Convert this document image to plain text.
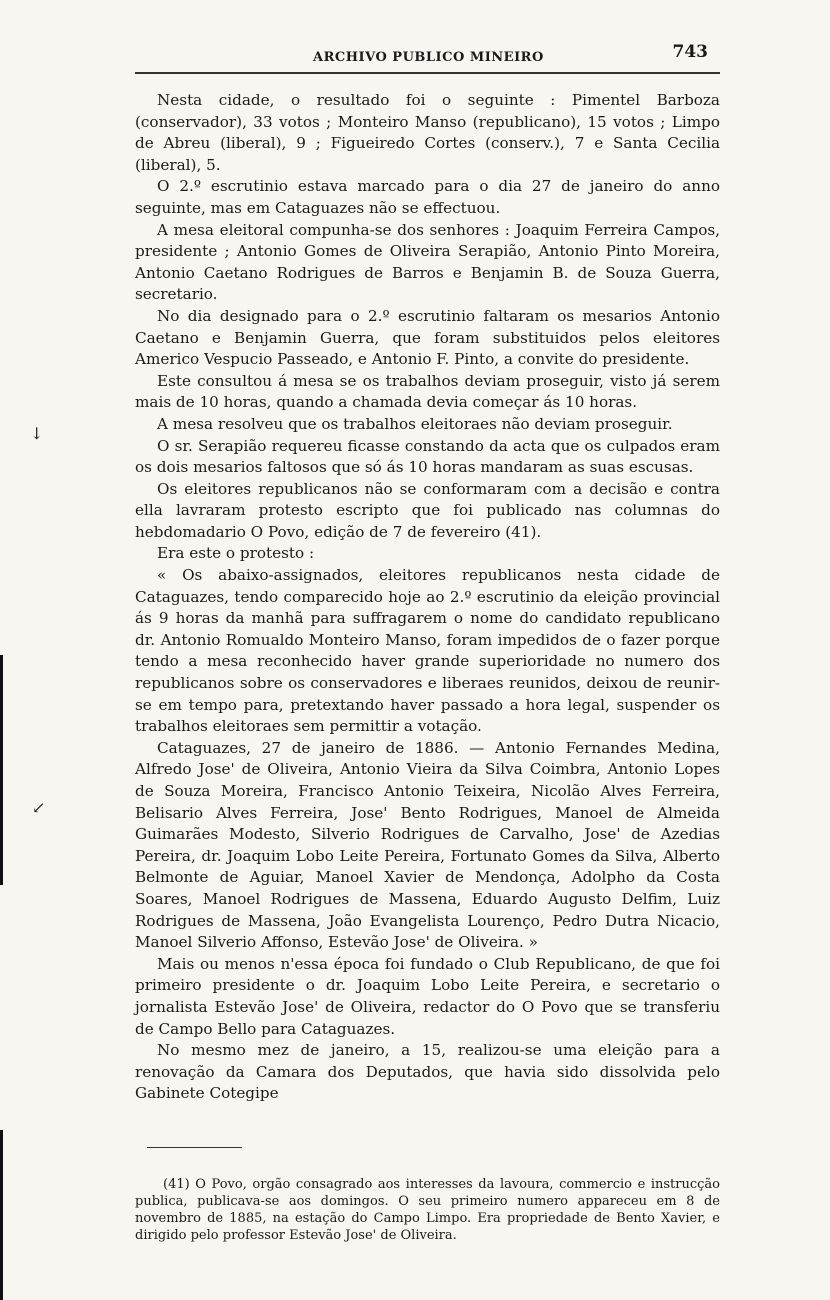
↓
↙
ARCHIVO PUBLICO MINEIRO	743

Nesta cidade, o resultado foi o seguinte : Pimentel Barboza (conservador), 33 votos ; Monteiro Manso (republicano), 15 votos ; Limpo de Abreu (liberal), 9 ; Figueiredo Cortes (conserv.), 7 e Santa Cecilia (liberal), 5.

O 2.º escrutinio estava marcado para o dia 27 de janeiro do anno seguinte, mas em Cataguazes não se effectuou.

A mesa eleitoral compunha-se dos senhores : Joaquim Ferreira Campos, presidente ; Antonio Gomes de Oliveira Serapião, Antonio Pinto Moreira, Antonio Caetano Rodrigues de Barros e Benjamin B. de Souza Guerra, secretario.

No dia designado para o 2.º escrutinio faltaram os mesarios Antonio Caetano e Benjamin Guerra, que foram substituidos pelos eleitores Americo Vespucio Passeado, e Antonio F. Pinto, a convite do presidente.

Este consultou á mesa se os trabalhos deviam proseguir, visto já serem mais de 10 horas, quando a chamada devia começar ás 10 horas.

A mesa resolveu que os trabalhos eleitoraes não deviam proseguir.

O sr. Serapião requereu ficasse constando da acta que os culpados eram os dois mesarios faltosos que só ás 10 horas mandaram as suas escusas.

Os eleitores republicanos não se conformaram com a decisão e contra ella lavraram protesto escripto que foi publicado nas columnas do hebdomadario O Povo, edição de 7 de fevereiro (41).

Era este o protesto :

« Os abaixo-assignados, eleitores republicanos nesta cidade de Cataguazes, tendo comparecido hoje ao 2.º escrutinio da eleição provincial ás 9 horas da manhã para suffragarem o nome do candidato republicano dr. Antonio Romualdo Monteiro Manso, foram impedidos de o fazer porque tendo a mesa reconhecido haver grande superioridade no numero dos republicanos sobre os conservadores e liberaes reunidos, deixou de reunir-se em tempo para, pretextando haver passado a hora legal, suspender os trabalhos eleitoraes sem permittir a votação.

Cataguazes, 27 de janeiro de 1886. — Antonio Fernandes Medina, Alfredo Jose' de Oliveira, Antonio Vieira da Silva Coimbra, Antonio Lopes de Souza Moreira, Francisco Antonio Teixeira, Nicolão Alves Ferreira, Belisario Alves Ferreira, Jose' Bento Rodrigues, Manoel de Almeida Guimarães Modesto, Silverio Rodrigues de Carvalho, Jose' de Azedias Pereira, dr. Joaquim Lobo Leite Pereira, Fortunato Gomes da Silva, Alberto Belmonte de Aguiar, Manoel Xavier de Mendonça, Adolpho da Costa Soares, Manoel Rodrigues de Massena, Eduardo Augusto Delfim, Luiz Rodrigues de Massena, João Evangelista Lourenço, Pedro Dutra Nicacio, Manoel Silverio Affonso, Estevão Jose' de Oliveira. »

Mais ou menos n'essa época foi fundado o Club Republicano, de que foi primeiro presidente o dr. Joaquim Lobo Leite Pereira, e secretario o jornalista Estevão Jose' de Oliveira, redactor do O Povo que se transferiu de Campo Bello para Cataguazes.

No mesmo mez de janeiro, a 15, realizou-se uma eleição para a renovação da Camara dos Deputados, que havia sido dissolvida pelo Gabinete Cotegipe

(41) O Povo, orgão consagrado aos interesses da lavoura, commercio e instrucção publica, publicava-se aos domingos. O seu primeiro numero appareceu em 8 de novembro de 1885, na estação do Campo Limpo. Era propriedade de Bento Xavier, e dirigido pelo professor Estevão Jose' de Oliveira.
